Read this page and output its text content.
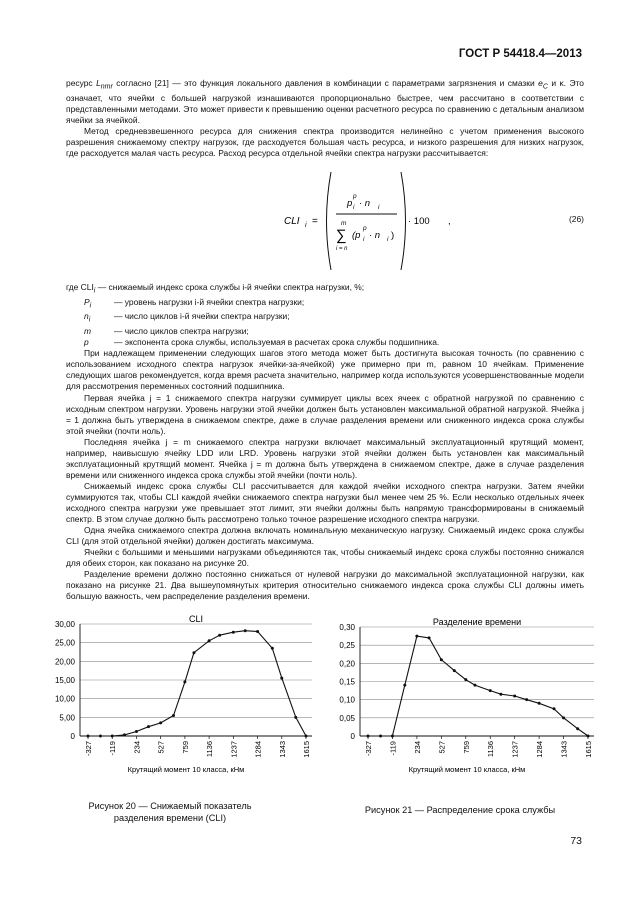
ГОСТ Р 54418.4—2013

ресурс $L_{nmr}$ согласно [21] — это функция локального давления в комбинации с параметрами загрязнения и смазки $e_C$ и κ. Это означает, что ячейки с большей нагрузкой изнашиваются пропорционально быстрее, чем рассчитано в соответствии с представленными методами. Это может привести к превышению оценки расчетного ресурса по сравнению с детальным анализом ячейки за ячейкой.

Метод средневзвешенного ресурса для снижения спектра производится нелинейно с учетом применения высокого разрешения снижаемому спектру нагрузок, где расходуется большая часть ресурса, и низкого разрешения для низких нагрузок, где расходуется малая часть ресурса. Расход ресурса отдельной ячейки спектра нагрузки рассчитывается:

CLI i =
p
p
i · n i
m
∑
i = n
(p
p
i · n i )
· 100 ,	(26)

где $CLI_i$ — снижаемый индекс срока службы i-й ячейки спектра нагрузки, %;

$P_i$	— уровень нагрузки i-й ячейки спектра нагрузки;
$n_i$	— число циклов i-й ячейки спектра нагрузки;
m	— число циклов спектра нагрузки;
p	— экспонента срока службы, используемая в расчетах срока службы подшипника.

При надлежащем применении следующих шагов этого метода может быть достигнута высокая точность (по сравнению с использованием исходного спектра нагрузок ячейки-за-ячейкой) уже примерно при m, равном 10 ячейкам. Применение следующих шагов рекомендуется, когда время расчета значительно, например когда используются усовершенствованные модели для рассмотрения переменных состояний подшипника.

Первая ячейка j = 1 снижаемого спектра нагрузки суммирует циклы всех ячеек с обратной нагрузкой по сравнению с исходным спектром нагрузки. Уровень нагрузки этой ячейки должен быть установлен максимальной обратной нагрузкой. Ячейка j = 1 должна быть утверждена в снижаемом спектре, даже в случае разделения времени или сниженного индекса срока службы этой ячейки (почти ноль).

Последняя ячейка j = m снижаемого спектра нагрузки включает максимальный эксплуатационный крутящий момент, например, наивысшую ячейку LDD или LRD. Уровень нагрузки этой ячейки должен быть установлен как максимальный эксплуатационный крутящий момент. Ячейка j = m должна быть утверждена в снижаемом спектре, даже в случае разделения времени или сниженного индекса срока службы этой ячейки (почти ноль).

Снижаемый индекс срока службы CLI рассчитывается для каждой ячейки исходного спектра нагрузки. Затем ячейки суммируются так, чтобы CLI каждой ячейки снижаемого спектра нагрузки был менее чем 25 %. Если несколько отдельных ячеек исходного спектра нагрузки уже превышает этот лимит, эти ячейки должны быть напрямую трансформированы в снижаемый спектр. В этом случае должно быть рассмотрено только точное разрешение исходного спектра нагрузки.

Одна ячейка снижаемого спектра должна включать номинальную механическую нагрузку. Снижаемый индекс срока службы CLI (для этой отдельной ячейки) должен достигать максимума.

Ячейки с большими и меньшими нагрузками объединяются так, чтобы снижаемый индекс срока службы постоянно снижался для обеих сторон, как показано на рисунке 20.

Разделение времени должно постоянно снижаться от нулевой нагрузки до максимальной эксплуатационной нагрузки, как показано на рисунке 21. Два вышеупомянутых критерия относительно снижаемого индекса срока службы CLI должны иметь большую важность, чем распределение разделения времени.

CLI
0
5,00
10,00
15,00
20,00
25,00
30,00
-327 -119 234 527 759 1136 1237 1284 1343 1615
Крутящий момент 10 класса, кНм
Разделение времени
0
0,05
0,10
0,15
0,20
0,25
0,30
-327 -119 234 527 759 1136 1237 1284 1343 1615
Крутящий момент 10 класса, кНм
Рисунок 20 — Снижаемый показатель разделения времени (CLI)
Рисунок 21 — Распределение срока службы
73
